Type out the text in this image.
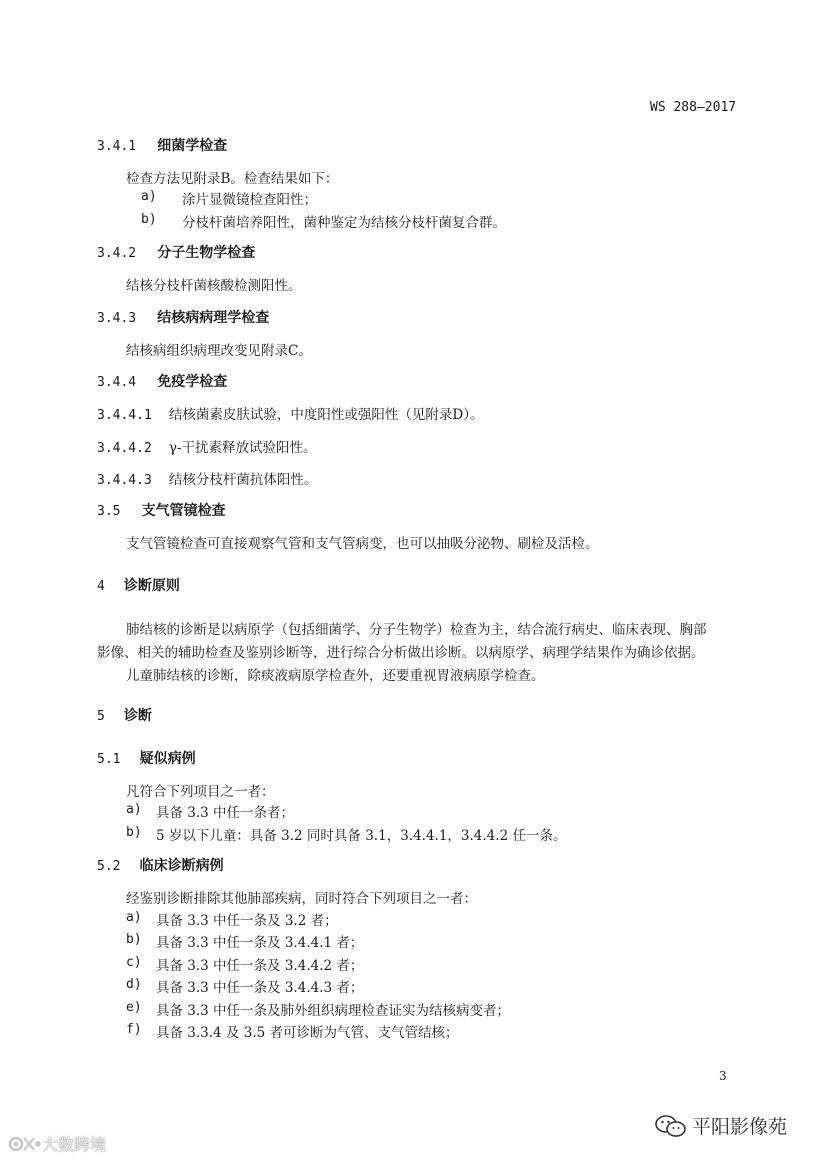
WS 288—2017
3.4.1 细菌学检查
检查方法见附录B。检查结果如下：
a) 涂片显微镜检查阳性；
b) 分枝杆菌培养阳性，菌种鉴定为结核分枝杆菌复合群。
3.4.2 分子生物学检查
结核分枝杆菌核酸检测阳性。
3.4.3 结核病病理学检查
结核病组织病理改变见附录C。
3.4.4 免疫学检查
3.4.4.1 结核菌素皮肤试验，中度阳性或强阳性（见附录D）。
3.4.4.2 γ-干扰素释放试验阳性。
3.4.4.3 结核分枝杆菌抗体阳性。
3.5 支气管镜检查
支气管镜检查可直接观察气管和支气管病变，也可以抽吸分泌物、刷检及活检。
4 诊断原则
肺结核的诊断是以病原学（包括细菌学、分子生物学）检查为主，结合流行病史、临床表现、胸部
影像、相关的辅助检查及鉴别诊断等，进行综合分析做出诊断。以病原学、病理学结果作为确诊依据。
儿童肺结核的诊断，除痰液病原学检查外，还要重视胃液病原学检查。
5 诊断
5.1 疑似病例
凡符合下列项目之一者：
a) 具备 3.3 中任一条者；
b) 5 岁以下儿童：具备 3.2 同时具备 3.1，3.4.4.1，3.4.4.2 任一条。
5.2 临床诊断病例
经鉴别诊断排除其他肺部疾病，同时符合下列项目之一者：
a) 具备 3.3 中任一条及 3.2 者；
b) 具备 3.3 中任一条及 3.4.4.1 者；
c) 具备 3.3 中任一条及 3.4.4.2 者；
d) 具备 3.3 中任一条及 3.4.4.3 者；
e) 具备 3.3 中任一条及肺外组织病理检查证实为结核病变者；
f) 具备 3.3.4 及 3.5 者可诊断为气管、支气管结核；
3
大数跨境
平阳影像苑
